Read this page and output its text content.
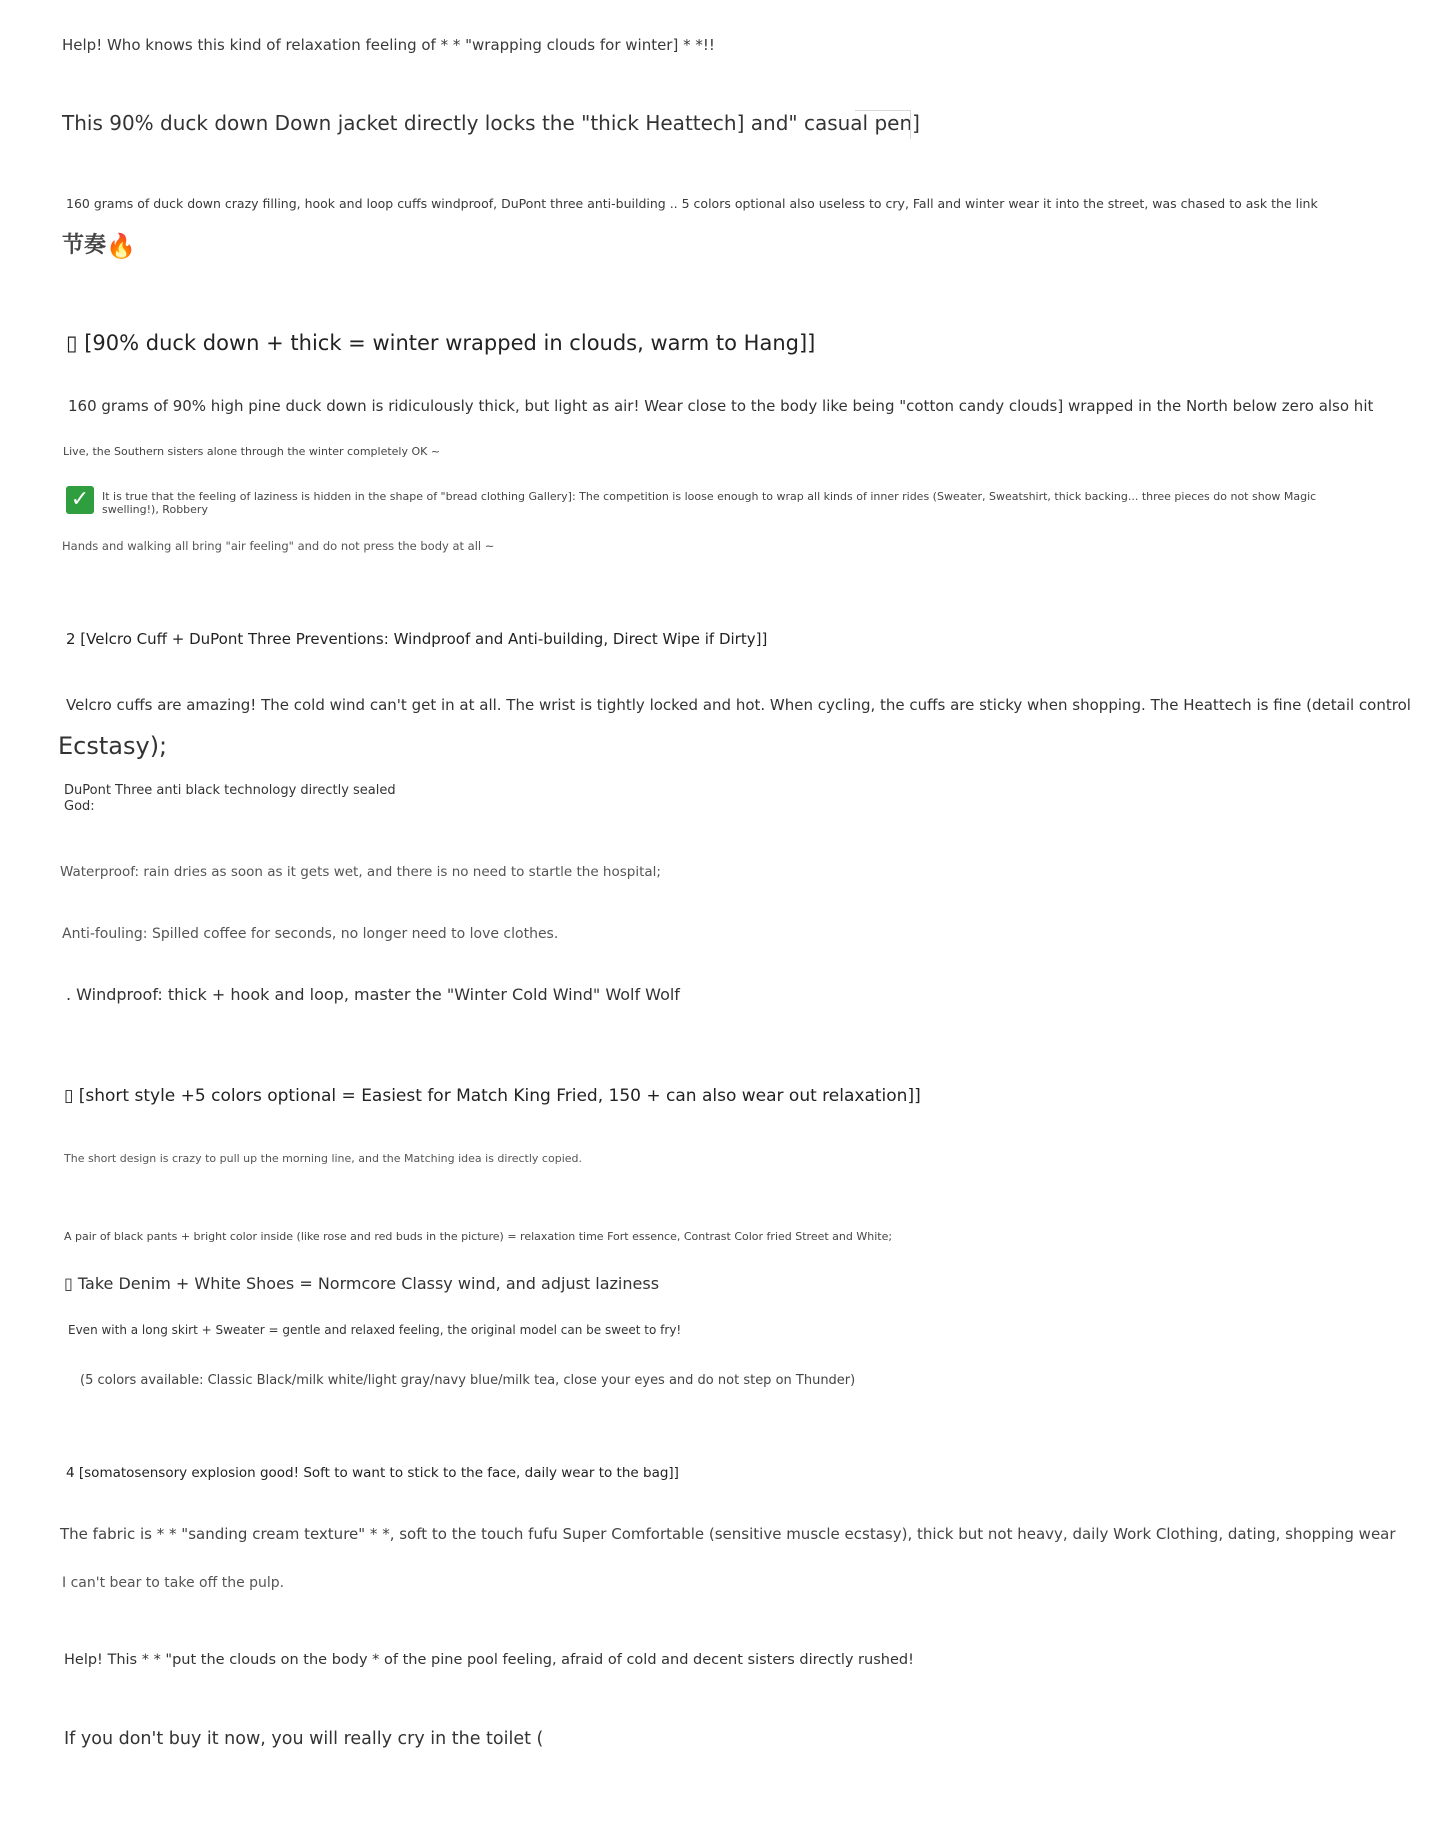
Help! Who knows this kind of relaxation feeling of * * "wrapping clouds for winter] * *!!
This 90% duck down Down jacket directly locks the "thick Heattech] and" casual pen]
160 grams of duck down crazy filling, hook and loop cuffs windproof, DuPont three anti-building .. 5 colors optional also useless to cry, Fall and winter wear it into the street, was chased to ask the link
节奏🔥
▯ [90% duck down + thick = winter wrapped in clouds, warm to Hang]]
160 grams of 90% high pine duck down is ridiculously thick, but light as air! Wear close to the body like being "cotton candy clouds] wrapped in the North below zero also hit
Live, the Southern sisters alone through the winter completely OK ~
✓	It is true that the feeling of laziness is hidden in the shape of "bread clothing Gallery]: The competition is loose enough to wrap all kinds of inner rides (Sweater, Sweatshirt, thick backing... three pieces do not show Magic
swelling!), Robbery
Hands and walking all bring "air feeling" and do not press the body at all ~
2 [Velcro Cuff + DuPont Three Preventions: Windproof and Anti-building, Direct Wipe if Dirty]]
Velcro cuffs are amazing! The cold wind can't get in at all. The wrist is tightly locked and hot. When cycling, the cuffs are sticky when shopping. The Heattech is fine (detail control
Ecstasy);
DuPont Three anti black technology directly sealed
God:
Waterproof: rain dries as soon as it gets wet, and there is no need to startle the hospital;
Anti-fouling: Spilled coffee for seconds, no longer need to love clothes.
. Windproof: thick + hook and loop, master the "Winter Cold Wind" Wolf Wolf
▯ [short style +5 colors optional = Easiest for Match King Fried, 150 + can also wear out relaxation]]
The short design is crazy to pull up the morning line, and the Matching idea is directly copied.
A pair of black pants + bright color inside (like rose and red buds in the picture) = relaxation time Fort essence, Contrast Color fried Street and White;
▯ Take Denim + White Shoes = Normcore Classy wind, and adjust laziness
Even with a long skirt + Sweater = gentle and relaxed feeling, the original model can be sweet to fry!
(5 colors available: Classic Black/milk white/light gray/navy blue/milk tea, close your eyes and do not step on Thunder)
4 [somatosensory explosion good! Soft to want to stick to the face, daily wear to the bag]]
The fabric is * * "sanding cream texture" * *, soft to the touch fufu Super Comfortable (sensitive muscle ecstasy), thick but not heavy, daily Work Clothing, dating, shopping wear
I can't bear to take off the pulp.
Help! This * * "put the clouds on the body * of the pine pool feeling, afraid of cold and decent sisters directly rushed!
If you don't buy it now, you will really cry in the toilet (
